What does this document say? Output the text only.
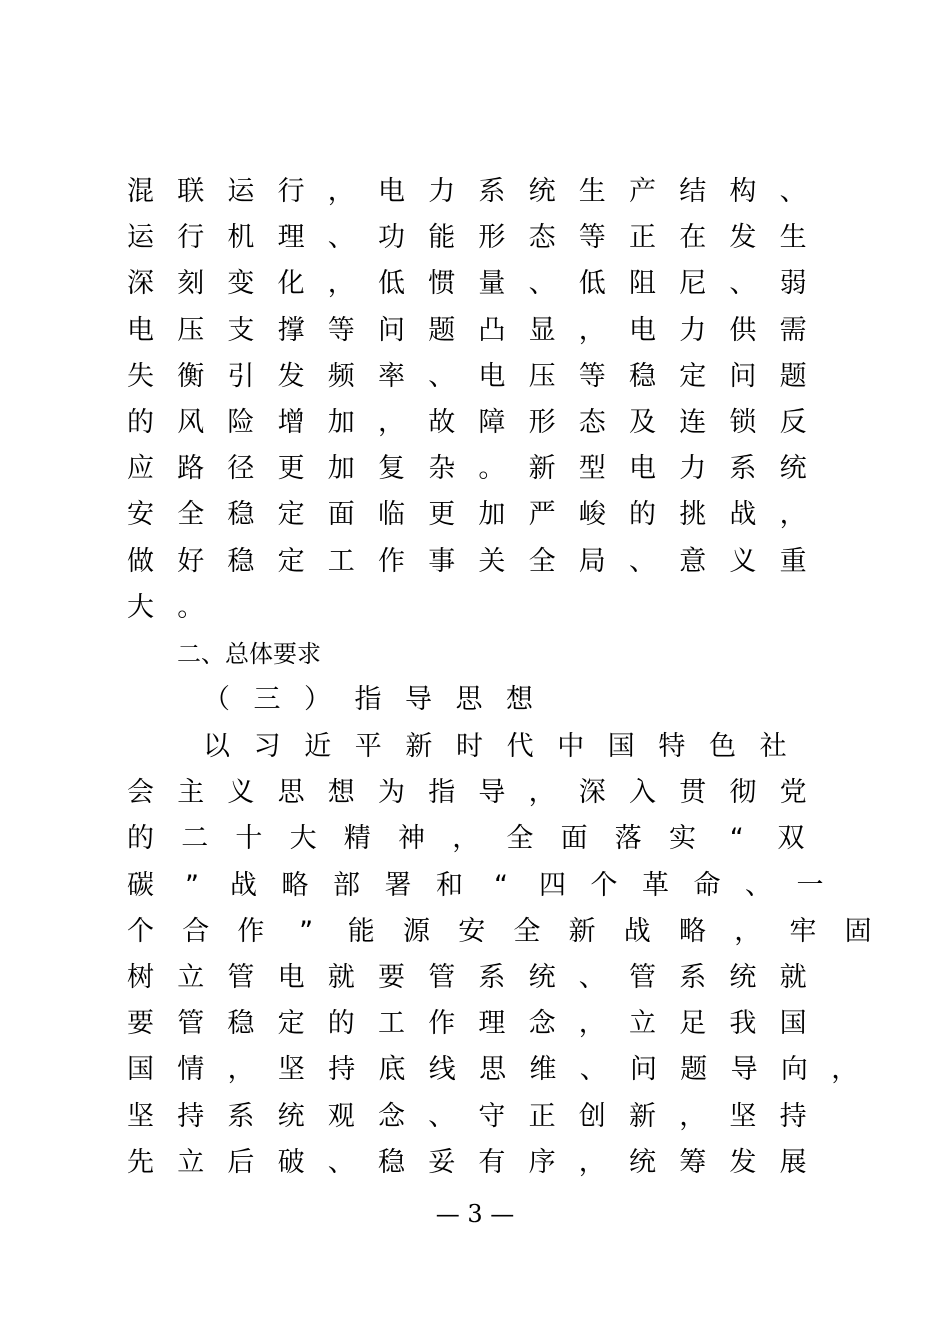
混 联 运 行 ， 电 力 系 统 生 产 结 构 、
运 行 机 理 、 功 能 形 态 等 正 在 发 生
深 刻 变 化 ， 低 惯 量 、 低 阻 尼 、 弱
电 压 支 撑 等 问 题 凸 显 ， 电 力 供 需
失 衡 引 发 频 率 、 电 压 等 稳 定 问 题
的 风 险 增 加 ， 故 障 形 态 及 连 锁 反
应 路 径 更 加 复 杂 。 新 型 电 力 系 统
安 全 稳 定 面 临 更 加 严 峻 的 挑 战 ，
做 好 稳 定 工 作 事 关 全 局 、 意 义 重
大 。
二、总体要求
（ 三 ） 指 导 思 想
以 习 近 平 新 时 代 中 国 特 色 社
会 主 义 思 想 为 指 导 ， 深 入 贯 彻 党
的 二 十 大 精 神 ， 全 面 落 实 “ 双
碳 ” 战 略 部 署 和 “ 四 个 革 命 、 一
个 合 作 ” 能 源 安 全 新 战 略 ， 牢 固
树 立 管 电 就 要 管 系 统 、 管 系 统 就
要 管 稳 定 的 工 作 理 念 ， 立 足 我 国
国 情 ， 坚 持 底 线 思 维 、 问 题 导 向 ，
坚 持 系 统 观 念 、 守 正 创 新 ， 坚 持
先 立 后 破 、 稳 妥 有 序 ， 统 筹 发 展
— 3 —
